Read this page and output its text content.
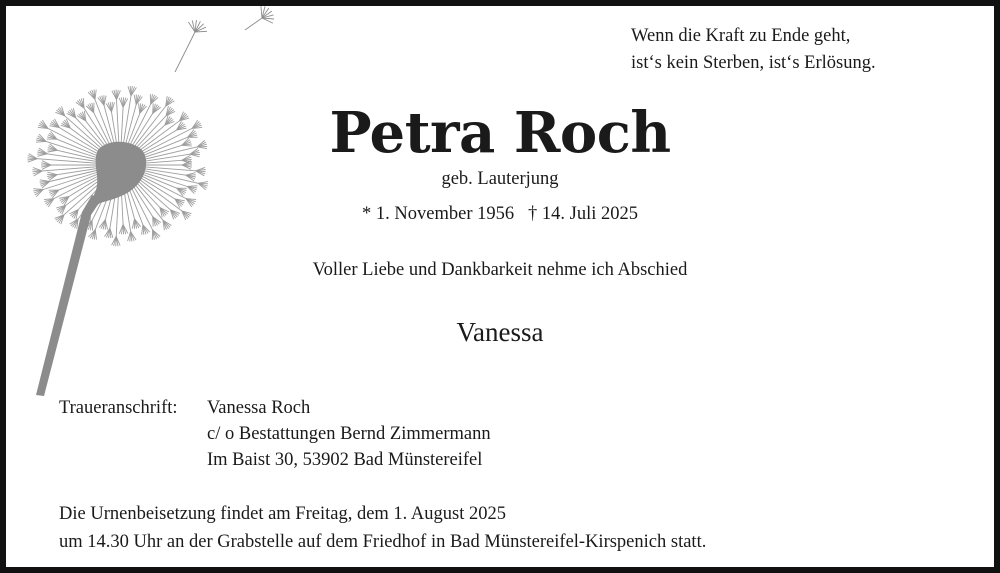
Wenn die Kraft zu Ende geht,
ist‘s kein Sterben, ist‘s Erlösung.
Petra Roch
geb. Lauterjung
* 1. November 1956   † 14. Juli 2025
Voller Liebe und Dankbarkeit nehme ich Abschied
Vanessa
Traueranschrift: Vanessa Roch
c/ o Bestattungen Bernd Zimmermann
Im Baist 30, 53902 Bad Münstereifel
Die Urnenbeisetzung findet am Freitag, dem 1. August 2025
um 14.30 Uhr an der Grabstelle auf dem Friedhof in Bad Münstereifel-Kirspenich statt.
